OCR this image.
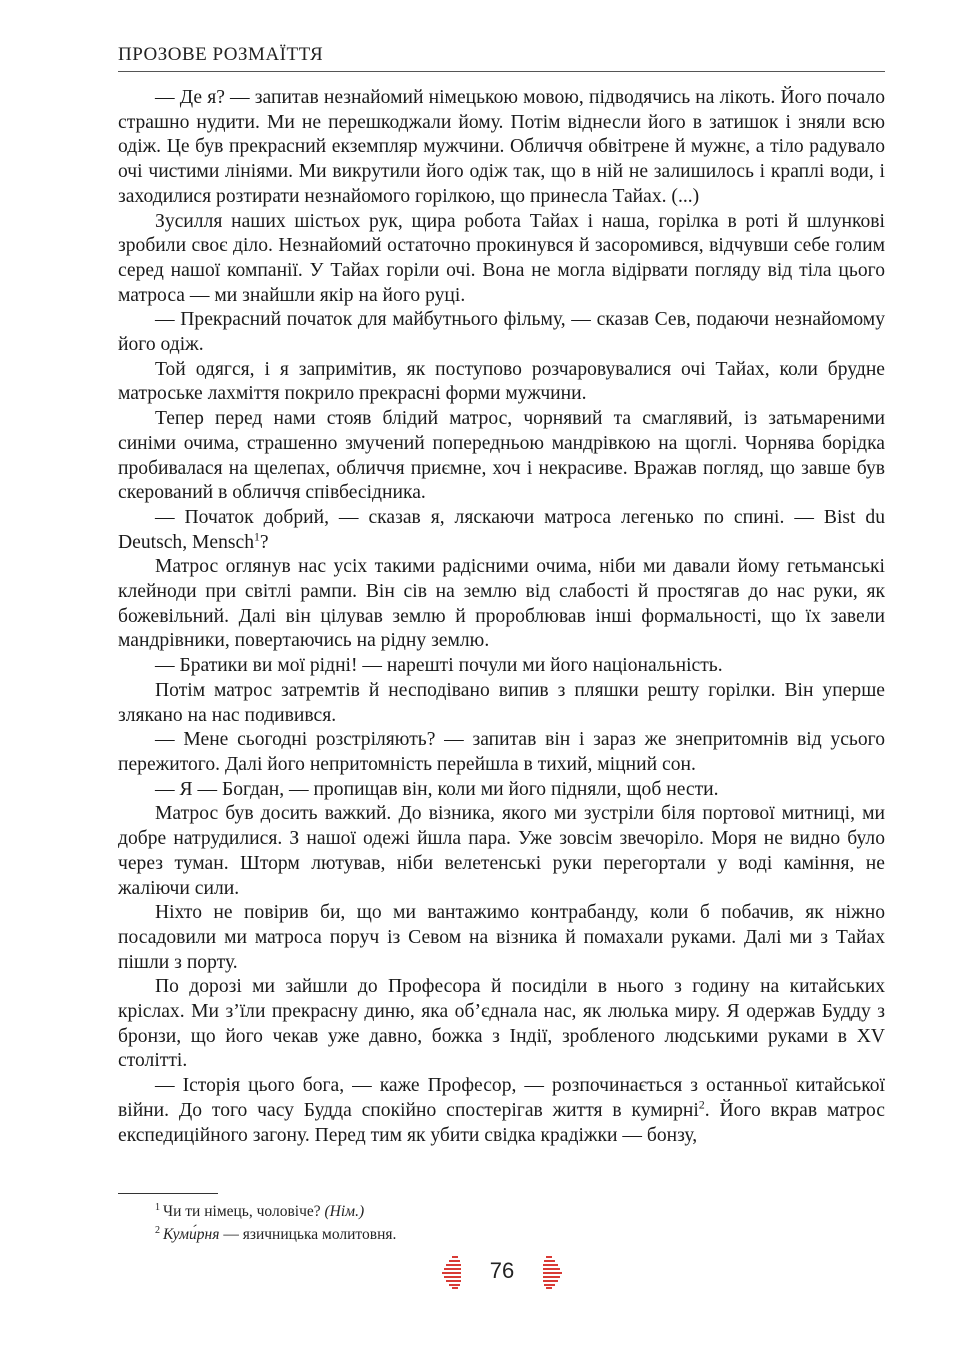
ПРОЗОВЕ РОЗМАЇТТЯ

— Де я? — запитав незнайомий німецькою мовою, підводячись на лікоть. Його почало страшно нудити. Ми не перешкоджали йому. Потім віднесли його в затишок і зняли всю одіж. Це був прекрасний екземпляр мужчини. Обличчя обвітрене й мужнє, а тіло радувало очі чистими лініями. Ми викрутили його одіж так, що в ній не залишилось і краплі води, і заходилися розтирати незнайомого горілкою, що принесла Тайах. (...)

Зусилля наших шістьох рук, щира робота Тайах і наша, горілка в роті й шлункові зробили своє діло. Незнайомий остаточно прокинувся й засоромився, відчувши себе голим серед нашої компанії. У Тайах горіли очі. Вона не могла відірвати погляду від тіла цього матроса — ми знайшли якір на його руці.

— Прекрасний початок для майбутнього фільму, — сказав Сев, подаючи незнайомому його одіж.

Той одягся, і я запримітив, як поступово розчаровувалися очі Тайах, коли брудне матроське лахміття покрило прекрасні форми мужчини.

Тепер перед нами стояв блідий матрос, чорнявий та смаглявий, із затьмареними синіми очима, страшенно змучений попередньою мандрівкою на щоглі. Чорнява борідка пробивалася на щелепах, обличчя приємне, хоч і некрасиве. Вражав погляд, що завше був скерований в обличчя співбесідника.

— Початок добрий, — сказав я, ляскаючи матроса легенько по спині. — Bist du Deutsch, Mensch$^1$?

Матрос оглянув нас усіх такими радісними очима, ніби ми давали йому гетьманські клейноди при світлі рампи. Він сів на землю від слабості й простягав до нас руки, як божевільний. Далі він цілував землю й пророблював інші формальності, що їх завели мандрівники, повертаючись на рідну землю.

— Братики ви мої рідні! — нарешті почули ми його національність.

Потім матрос затремтів й несподівано випив з пляшки решту горілки. Він уперше злякано на нас подивився.

— Мене сьогодні розстріляють? — запитав він і зараз же знепритомнів від усього пережитого. Далі його непритомність перейшла в тихий, міцний сон.

— Я — Богдан, — пропищав він, коли ми його підняли, щоб нести.

Матрос був досить важкий. До візника, якого ми зустріли біля портової митниці, ми добре натрудилися. З нашої одежі йшла пара. Уже зовсім звечоріло. Моря не видно було через туман. Шторм лютував, ніби велетенські руки перегортали у воді каміння, не жаліючи сили.

Ніхто не повірив би, що ми вантажимо контрабанду, коли б побачив, як ніжно посадовили ми матроса поруч із Севом на візника й помахали руками. Далі ми з Тайах пішли з порту.

По дорозі ми зайшли до Професора й посиділи в нього з годину на китайських кріслах. Ми з’їли прекрасну диню, яка об’єднала нас, як люлька миру. Я одержав Будду з бронзи, що його чекав уже давно, божка з Індії, зробленого людськими руками в XV столітті.

— Історія цього бога, — каже Професор, — розпочинається з останньої китайської війни. До того часу Будда спокійно спостерігав життя в кумирні$^2$. Його вкрав матрос експедиційного загону. Перед тим як убити свідка крадіжки — бонзу,

$^1$ Чи ти німець, чоловіче? (Нім.)

$^2$ Куми́рня — язичницька молитовня.

76
